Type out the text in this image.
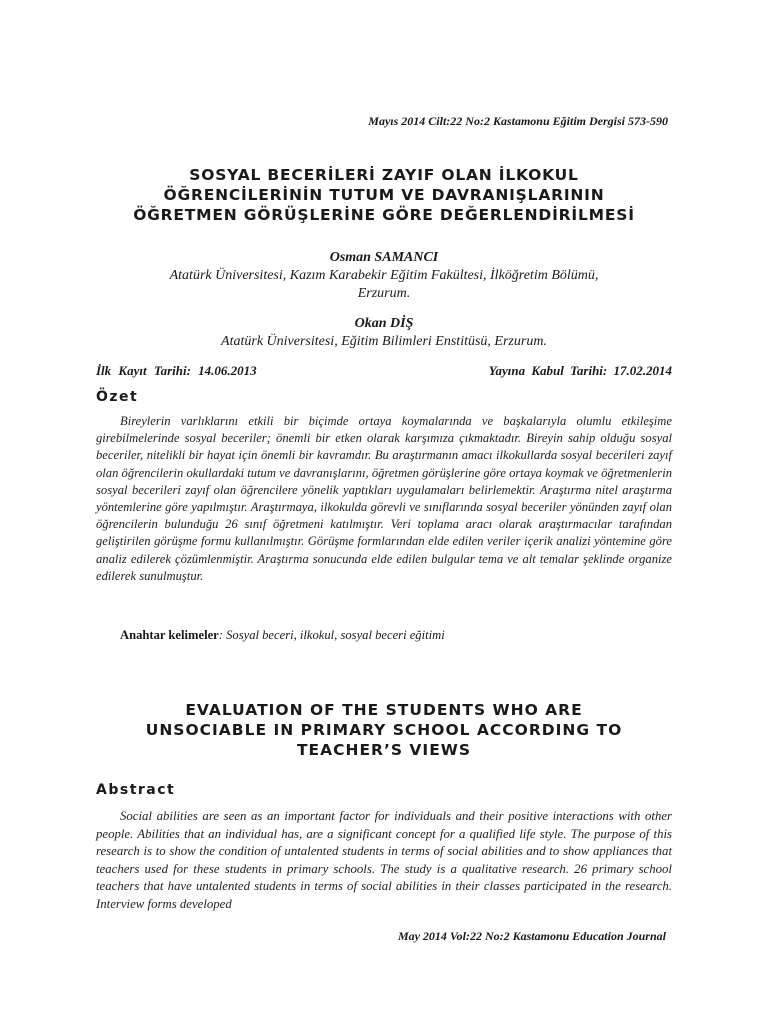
Mayıs 2014 Cilt:22 No:2 Kastamonu Eğitim Dergisi 573-590
SOSYAL BECERİLERİ ZAYIF OLAN İLKOKUL
ÖĞRENCİLERİNİN TUTUM VE DAVRANIŞLARININ
ÖĞRETMEN GÖRÜŞLERİNE GÖRE DEĞERLENDİRİLMESİ
Osman SAMANCI
Atatürk Üniversitesi, Kazım Karabekir Eğitim Fakültesi, İlköğretim Bölümü,
Erzurum.
Okan DİŞ
Atatürk Üniversitesi, Eğitim Bilimleri Enstitüsü, Erzurum.
İlk Kayıt Tarihi: 14.06.2013	Yayına Kabul Tarihi: 17.02.2014
Özet
Bireylerin varlıklarını etkili bir biçimde ortaya koymalarında ve başkalarıyla olumlu etkileşime girebilmelerinde sosyal beceriler; önemli bir etken olarak karşımıza çıkmaktadır. Bireyin sahip olduğu sosyal beceriler, nitelikli bir hayat için önemli bir kavramdır. Bu araştırmanın amacı ilkokullarda sosyal becerileri zayıf olan öğrencilerin okullardaki tutum ve davranışlarını, öğretmen görüşlerine göre ortaya koymak ve öğretmenlerin sosyal becerileri zayıf olan öğrencilere yönelik yaptıkları uygulamaları belirlemektir. Araştırma nitel araştırma yöntemlerine göre yapılmıştır. Araştırmaya, ilkokulda görevli ve sınıflarında sosyal beceriler yönünden zayıf olan öğrencilerin bulunduğu 26 sınıf öğretmeni katılmıştır. Veri toplama aracı olarak araştırmacılar tarafından geliştirilen görüşme formu kullanılmıştır. Görüşme formlarından elde edilen veriler içerik analizi yöntemine göre analiz edilerek çözümlenmiştir. Araştırma sonucunda elde edilen bulgular tema ve alt temalar şeklinde organize edilerek sunulmuştur.
Anahtar kelimeler: Sosyal beceri, ilkokul, sosyal beceri eğitimi
EVALUATION OF THE STUDENTS WHO ARE
UNSOCIABLE IN PRIMARY SCHOOL ACCORDING TO
TEACHER’S VIEWS
Abstract
Social abilities are seen as an important factor for individuals and their positive interactions with other people. Abilities that an individual has, are a significant concept for a qualified life style. The purpose of this research is to show the condition of untalented students in terms of social abilities and to show appliances that teachers used for these students in primary schools. The study is a qualitative research. 26 primary school teachers that have untalented students in terms of social abilities in their classes participated in the research. Interview forms developed
May 2014 Vol:22 No:2 Kastamonu Education Journal
